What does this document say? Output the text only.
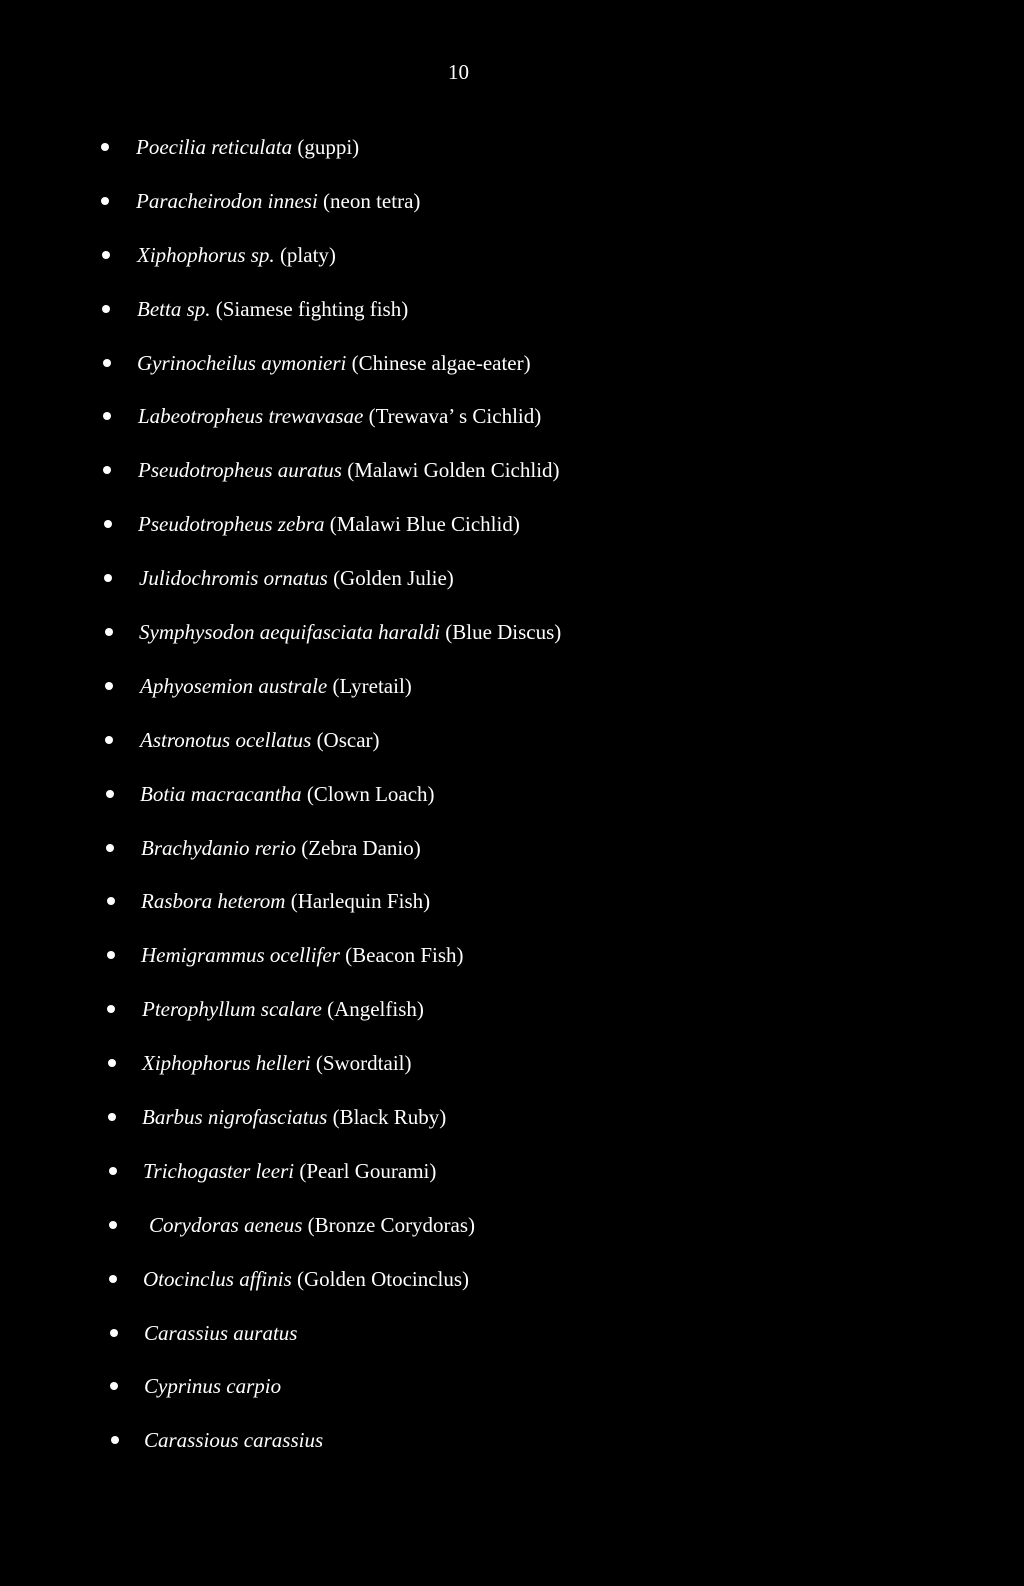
10
Poecilia reticulata (guppi)
Paracheirodon innesi (neon tetra)
Xiphophorus sp. (platy)
Betta sp. (Siamese fighting fish)
Gyrinocheilus aymonieri (Chinese algae-eater)
Labeotropheus trewavasae (Trewava’ s Cichlid)
Pseudotropheus auratus (Malawi Golden Cichlid)
Pseudotropheus zebra (Malawi Blue Cichlid)
Julidochromis ornatus (Golden Julie)
Symphysodon aequifasciata haraldi (Blue Discus)
Aphyosemion australe (Lyretail)
Astronotus ocellatus (Oscar)
Botia macracantha (Clown Loach)
Brachydanio rerio (Zebra Danio)
Rasbora heterom (Harlequin Fish)
Hemigrammus ocellifer (Beacon Fish)
Pterophyllum scalare (Angelfish)
Xiphophorus helleri (Swordtail)
Barbus nigrofasciatus (Black Ruby)
Trichogaster leeri (Pearl Gourami)
Corydoras aeneus (Bronze Corydoras)
Otocinclus affinis (Golden Otocinclus)
Carassius auratus
Cyprinus carpio
Carassious carassius
